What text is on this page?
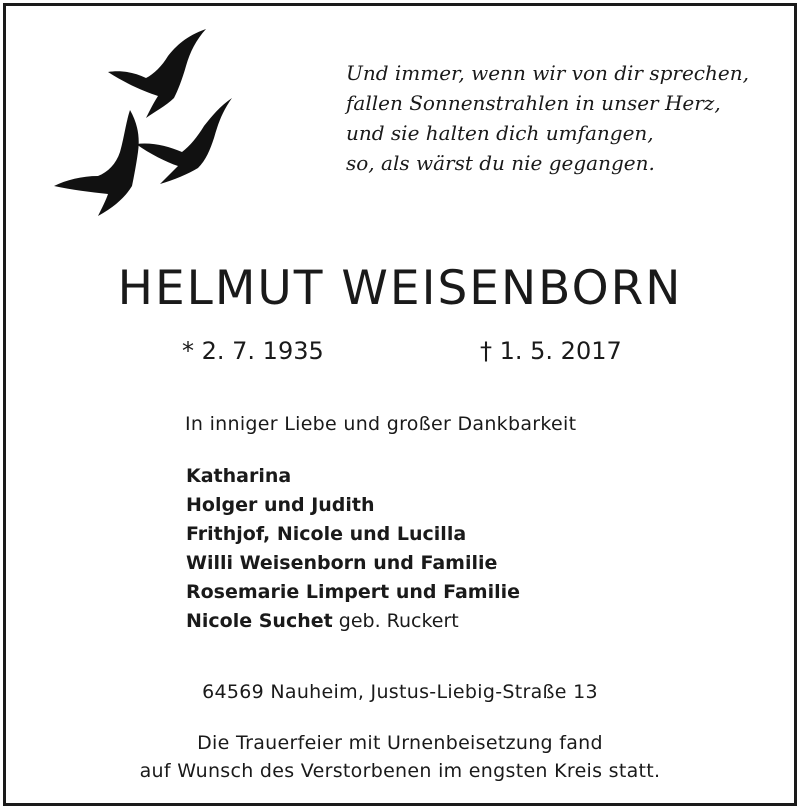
Und immer, wenn wir von dir sprechen,
fallen Sonnenstrahlen in unser Herz,
und sie halten dich umfangen,
so, als wärst du nie gegangen.
HELMUT WEISENBORN
* 2. 7. 1935	† 1. 5. 2017
In inniger Liebe und großer Dankbarkeit
Katharina
Holger und Judith
Frithjof, Nicole und Lucilla
Willi Weisenborn und Familie
Rosemarie Limpert und Familie
Nicole Suchet geb. Ruckert
64569 Nauheim, Justus-Liebig-Straße 13
Die Trauerfeier mit Urnenbeisetzung fand
auf Wunsch des Verstorbenen im engsten Kreis statt.
